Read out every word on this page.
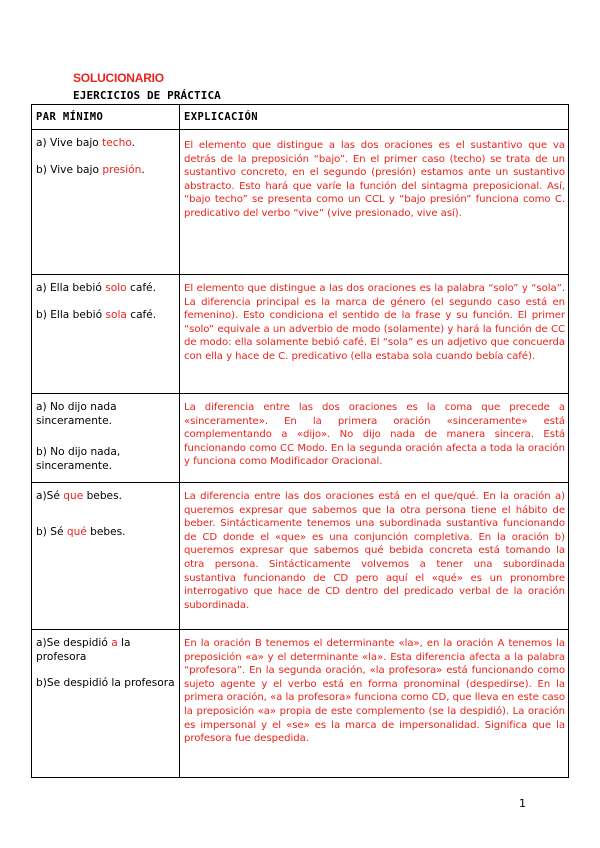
SOLUCIONARIO
EJERCICIOS DE PRÁCTICA
PAR MÍNIMO	EXPLICACIÓN

a) Vive bajo techo.

b) Vive bajo presión.	El elemento que distingue a las dos oraciones es el sustantivo que va detrás de la preposición “bajo”. En el primer caso (techo) se trata de un sustantivo concreto, en el segundo (presión) estamos ante un sustantivo abstracto. Esto hará que varíe la función del sintagma preposicional. Así, “bajo techo” se presenta como un CCL y “bajo presión” funciona como C. predicativo del verbo “vive” (vive presionado, vive así).

a) Ella bebió solo café.

b) Ella bebió sola café.	El elemento que distingue a las dos oraciones es la palabra “solo” y “sola”. La diferencia principal es la marca de género (el segundo caso está en femenino). Esto condiciona el sentido de la frase y su función. El primer “solo” equivale a un adverbio de modo (solamente) y hará la función de CC de modo: ella solamente bebió café. El “sola” es un adjetivo que concuerda con ella y hace de C. predicativo (ella estaba sola cuando bebía café).

a) No dijo nada sinceramente.

b) No dijo nada, sinceramente.	La diferencia entre las dos oraciones es la coma que precede a «sinceramente». En la primera oración «sinceramente» está complementando a «dijo». No dijo nada de manera sincera. Está funcionando como CC Modo. En la segunda oración afecta a toda la oración y funciona como Modificador Oracional.

a)Sé que bebes.

b) Sé qué bebes.	La diferencia entre las dos oraciones está en el que/qué. En la oración a) queremos expresar que sabemos que la otra persona tiene el hábito de beber. Sintácticamente tenemos una subordinada sustantiva funcionando de CD donde el «que» es una conjunción completiva. En la oración b) queremos expresar que sabemos qué bebida concreta está tomando la otra persona. Sintácticamente volvemos a tener una subordinada sustantiva funcionando de CD pero aquí el «qué» es un pronombre interrogativo que hace de CD dentro del predicado verbal de la oración subordinada.

a)Se despidió a la profesora

b)Se despidió la profesora	En la oración B tenemos el determinante «la», en la oración A tenemos la preposición «a» y el determinante «la». Esta diferencia afecta a la palabra “profesora”. En la segunda oración, «la profesora» está funcionando como sujeto agente y el verbo está en forma pronominal (despedirse). En la primera oración, «a la profesora» funciona como CD, que lleva en este caso la preposición «a» propia de este complemento (se la despidió). La oración es impersonal y el «se» es la marca de impersonalidad. Significa que la profesora fue despedida.
1
